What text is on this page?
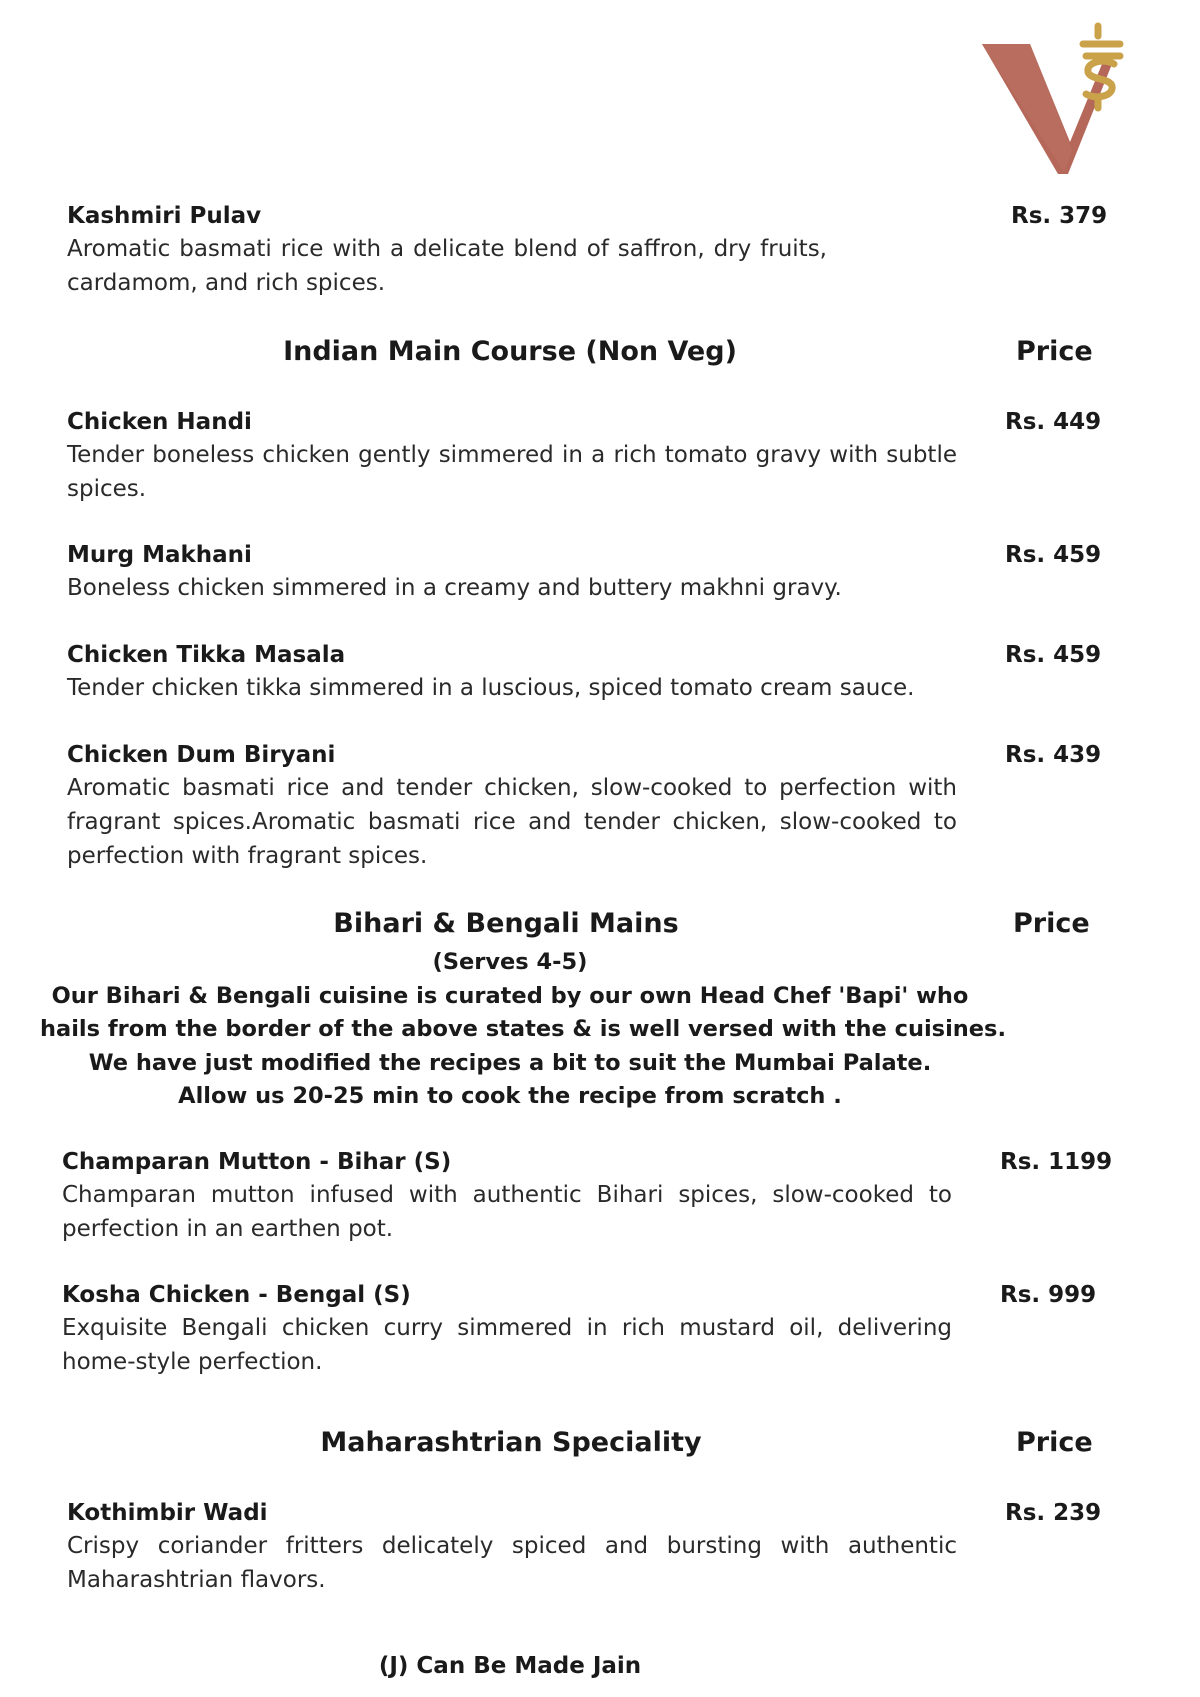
Kashmiri Pulav
Aromatic basmati rice with a delicate blend of saffron, dry fruits, cardamom, and rich spices.
Rs. 379
Indian Main Course (Non Veg)	Price
Chicken Handi
Tender boneless chicken gently simmered in a rich tomato gravy with subtle spices.
Rs. 449
Murg Makhani
Boneless chicken simmered in a creamy and buttery makhni gravy.
Rs. 459
Chicken Tikka Masala
Tender chicken tikka simmered in a luscious, spiced tomato cream sauce.
Rs. 459
Chicken Dum Biryani
Aromatic basmati rice and tender chicken, slow-cooked to perfection with fragrant spices.Aromatic basmati rice and tender chicken, slow-cooked to perfection with fragrant spices.
Rs. 439
Bihari & Bengali Mains	Price
(Serves 4-5)
Our Bihari & Bengali cuisine is curated by our own Head Chef 'Bapi' who
hails from the border of the above states & is well versed with the cuisines.
We have just modified the recipes a bit to suit the Mumbai Palate.
Allow us 20-25 min to cook the recipe from scratch .
Champaran Mutton - Bihar (S)
Champaran mutton infused with authentic Bihari spices, slow-cooked to perfection in an earthen pot.
Rs. 1199
Kosha Chicken - Bengal (S)
Exquisite Bengali chicken curry simmered in rich mustard oil, delivering home-style perfection.
Rs. 999
Maharashtrian Speciality	Price
Kothimbir Wadi
Crispy coriander fritters delicately spiced and bursting with authentic Maharashtrian flavors.
Rs. 239
(J) Can Be Made Jain
